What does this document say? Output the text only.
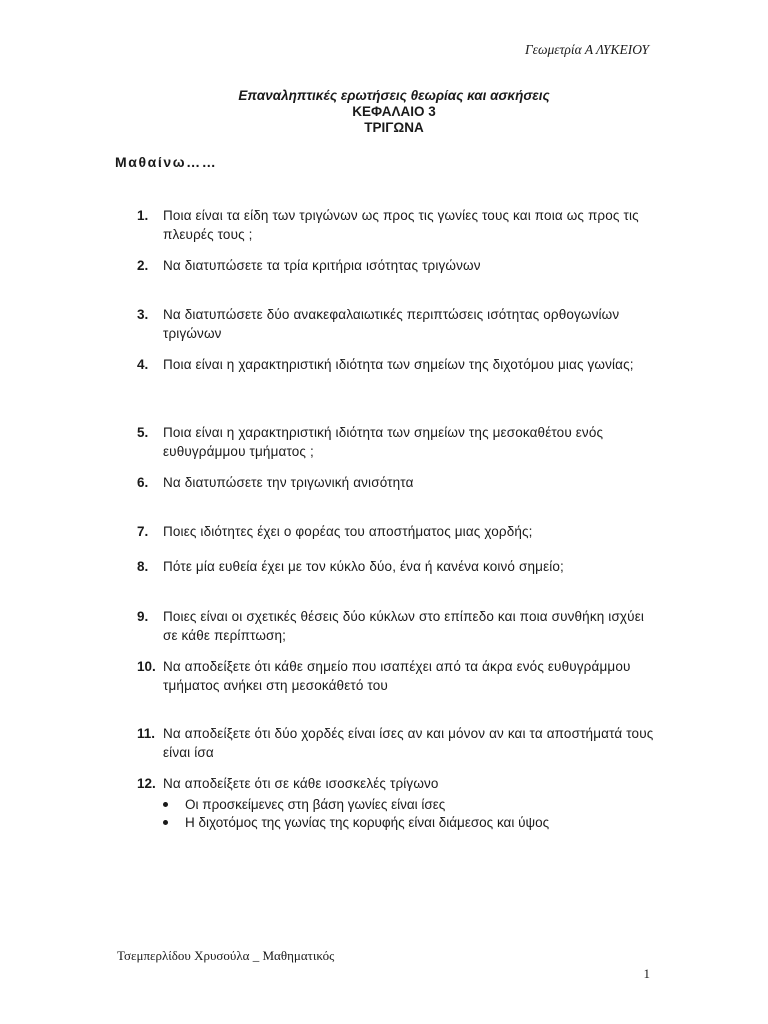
Γεωμετρία Α ΛΥΚΕΙΟΥ
Επαναληπτικές ερωτήσεις θεωρίας και ασκήσεις
ΚΕΦΑΛΑΙΟ 3
ΤΡΙΓΩΝΑ
Μαθαίνω……
1.	Ποια είναι τα είδη των τριγώνων ως προς τις γωνίες τους και ποια ως προς τις πλευρές τους ;
2.	Να διατυπώσετε τα τρία κριτήρια ισότητας τριγώνων
3.	Να διατυπώσετε δύο ανακεφαλαιωτικές περιπτώσεις ισότητας ορθογωνίων τριγώνων
4.	Ποια είναι η χαρακτηριστική ιδιότητα των σημείων της διχοτόμου μιας γωνίας;
5.	Ποια είναι η χαρακτηριστική ιδιότητα των σημείων της μεσοκαθέτου ενός ευθυγράμμου τμήματος ;
6.	Να διατυπώσετε την τριγωνική ανισότητα
7.	Ποιες ιδιότητες έχει ο φορέας του αποστήματος μιας χορδής;
8.	Πότε μία ευθεία έχει με τον κύκλο δύο, ένα ή κανένα κοινό σημείο;
9.	Ποιες είναι οι σχετικές θέσεις δύο κύκλων στο επίπεδο και ποια συνθήκη ισχύει σε κάθε περίπτωση;
10. Να αποδείξετε ότι κάθε σημείο που ισαπέχει από τα άκρα ενός ευθυγράμμου τμήματος ανήκει στη μεσοκάθετό του
11. Να αποδείξετε ότι δύο χορδές είναι ίσες αν και μόνον αν και τα αποστήματά τους είναι ίσα
12. Να αποδείξετε ότι σε κάθε ισοσκελές τρίγωνο
Οι προσκείμενες στη βάση γωνίες είναι ίσες
Η διχοτόμος της γωνίας της κορυφής είναι διάμεσος και ύψος
Τσεμπερλίδου Χρυσούλα _ Μαθηματικός
1
